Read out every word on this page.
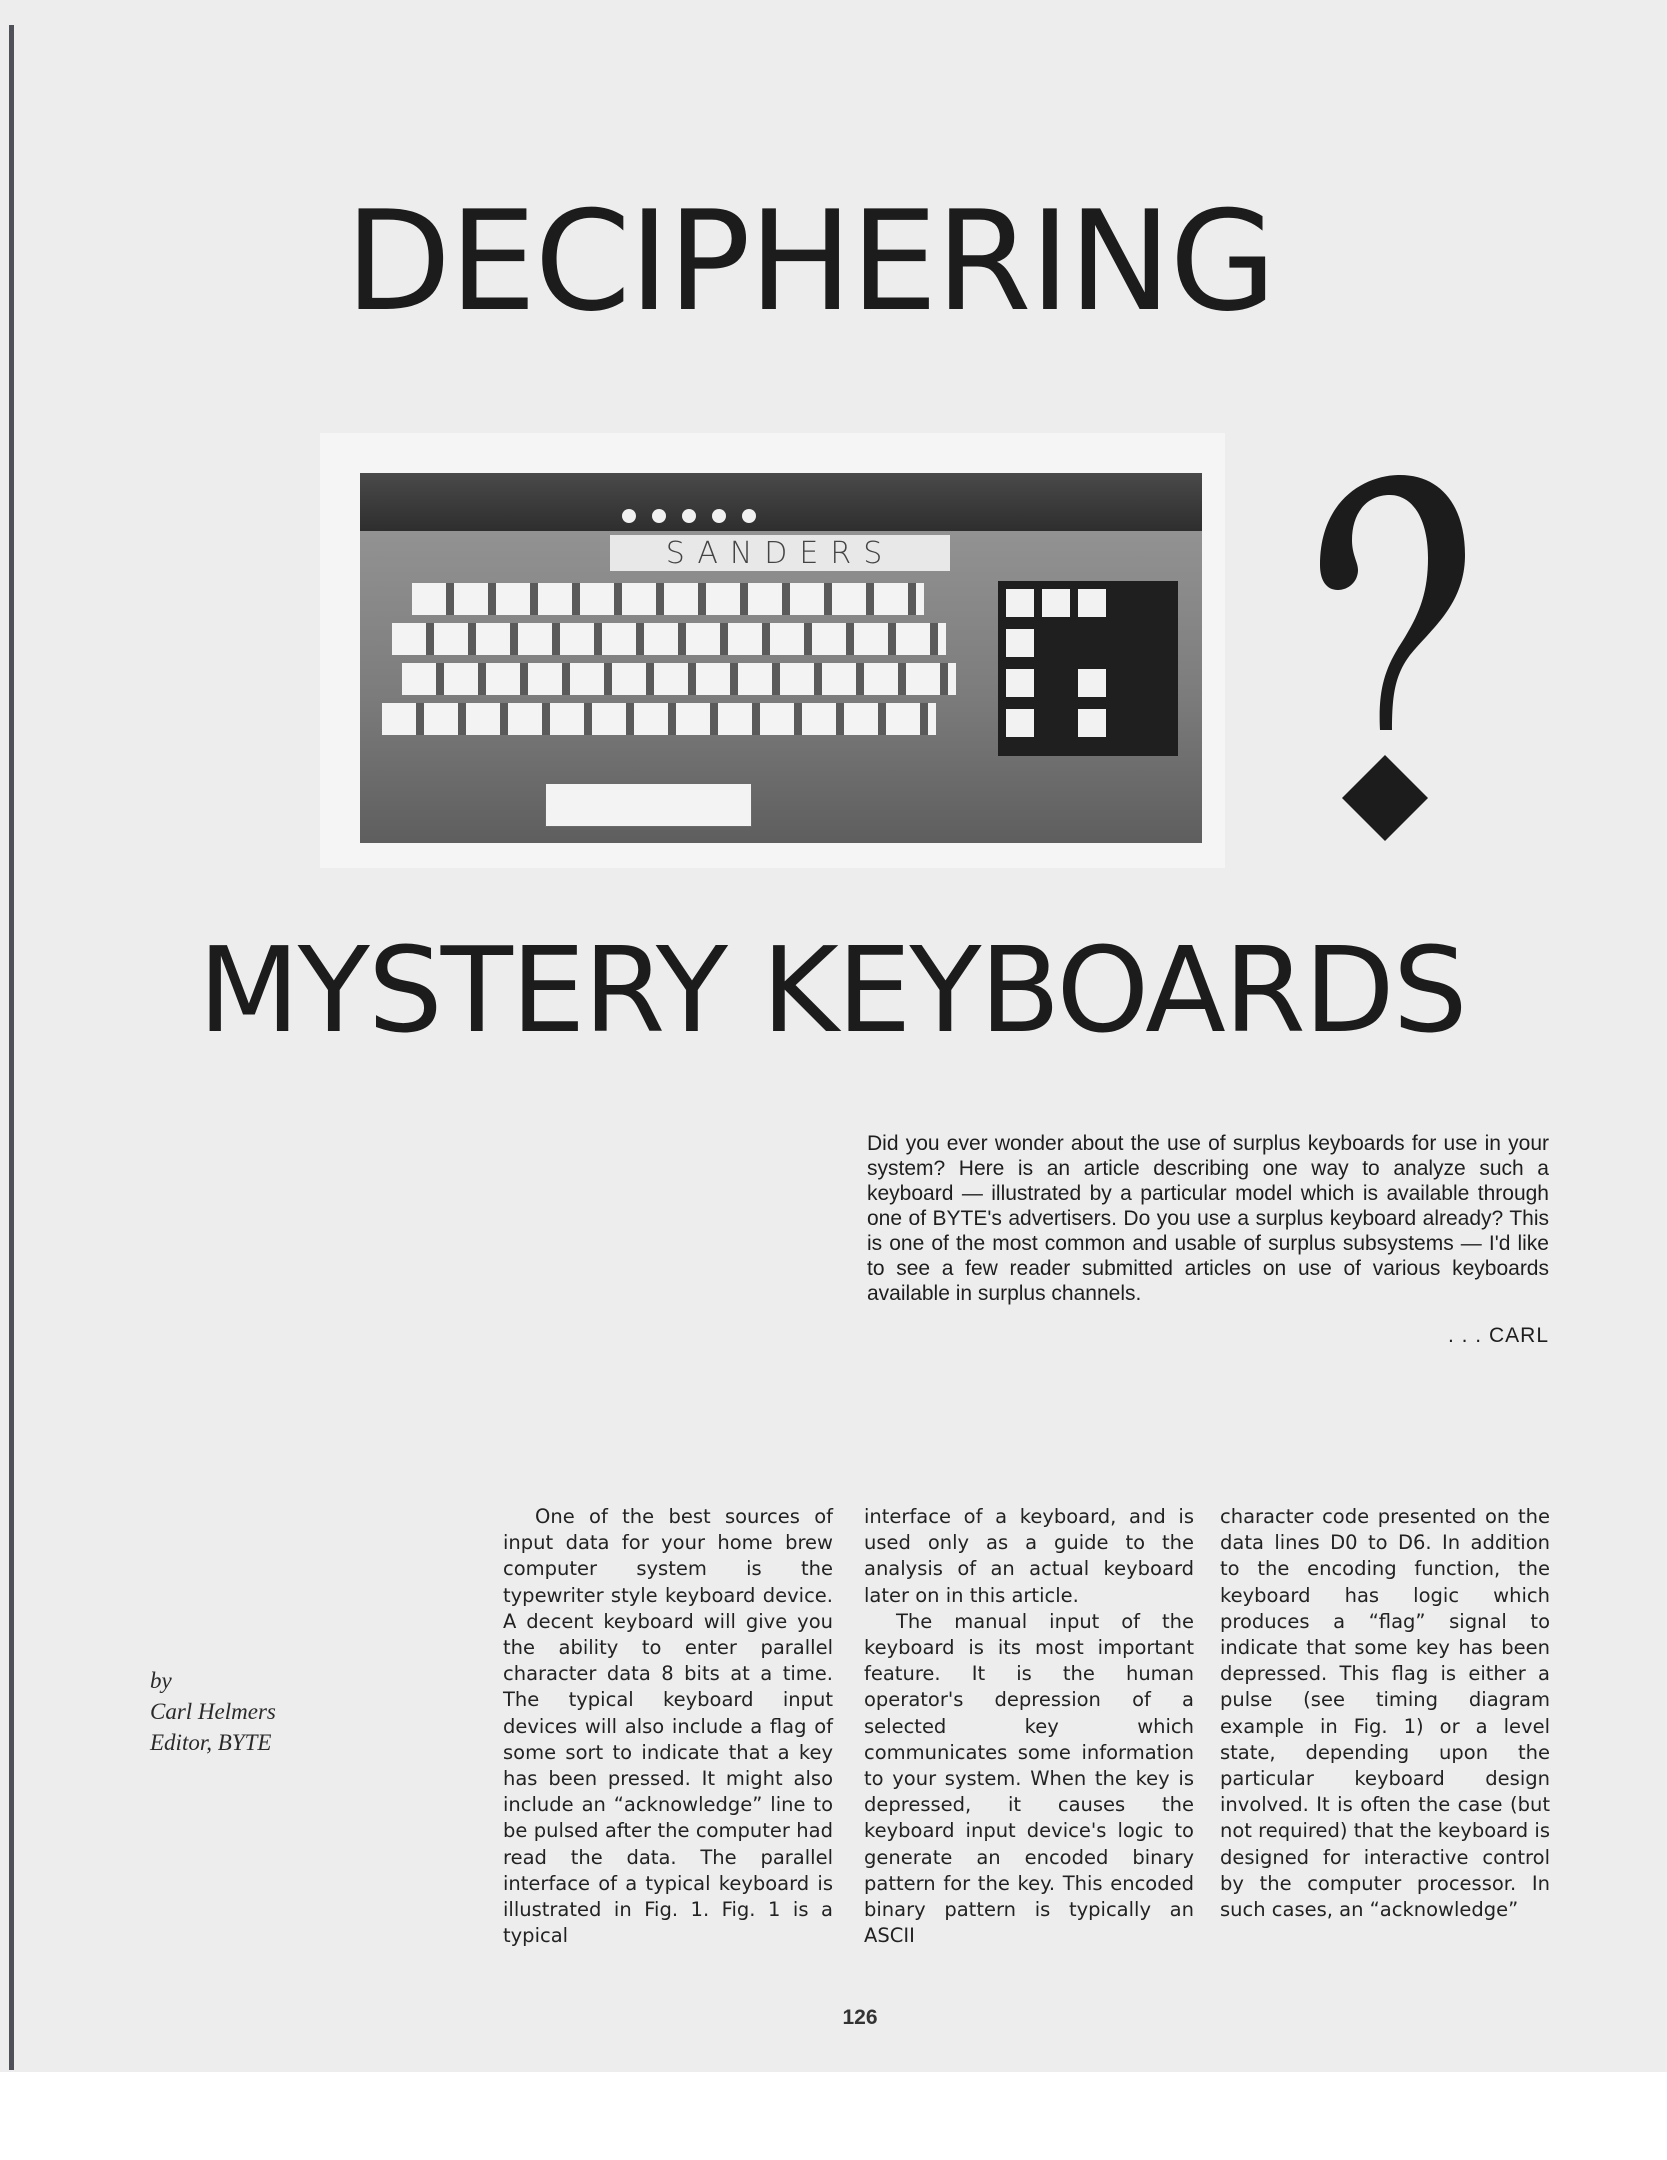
DECIPHERING
SANDERS
MYSTERY KEYBOARDS

Did you ever wonder about the use of surplus keyboards for use in your system? Here is an article describing one way to analyze such a keyboard — illustrated by a particular model which is available through one of BYTE's advertisers. Do you use a surplus keyboard already? This is one of the most common and usable of surplus subsystems — I'd like to see a few reader submitted articles on use of various keyboards available in surplus channels.

. . . CARL

by
Carl Helmers
Editor, BYTE

One of the best sources of input data for your home brew computer system is the typewriter style keyboard device. A decent keyboard will give you the ability to enter parallel character data 8 bits at a time. The typical keyboard input devices will also include a flag of some sort to indicate that a key has been pressed. It might also include an “acknowledge” line to be pulsed after the computer had read the data. The parallel interface of a typical keyboard is illustrated in Fig. 1. Fig. 1 is a typical

interface of a keyboard, and is used only as a guide to the analysis of an actual keyboard later on in this article.

The manual input of the keyboard is its most important feature. It is the human operator's depression of a selected key which communicates some information to your system. When the key is depressed, it causes the keyboard input device's logic to generate an encoded binary pattern for the key. This encoded binary pattern is typically an ASCII

character code presented on the data lines D0 to D6. In addition to the encoding function, the keyboard has logic which produces a “flag” signal to indicate that some key has been depressed. This flag is either a pulse (see timing diagram example in Fig. 1) or a level state, depending upon the particular keyboard design involved. It is often the case (but not required) that the keyboard is designed for interactive control by the computer processor. In such cases, an “acknowledge”

126
